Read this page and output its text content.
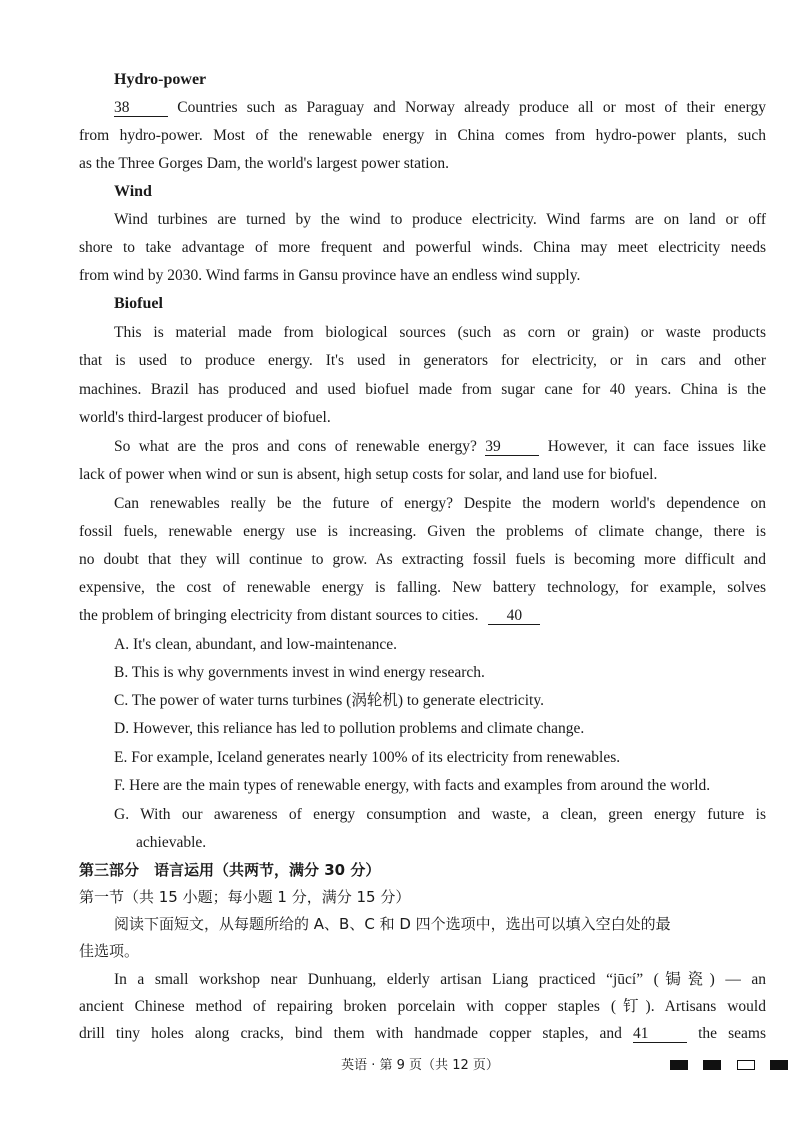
Hydro-power
38	Countries such as Paraguay and Norway already produce all or most of their energy
from hydro-power. Most of the renewable energy in China comes from hydro-power plants, such
as the Three Gorges Dam, the world's largest power station.
Wind
Wind turbines are turned by the wind to produce electricity. Wind farms are on land or off
shore to take advantage of more frequent and powerful winds. China may meet electricity needs
from wind by 2030. Wind farms in Gansu province have an endless wind supply.
Biofuel
This is material made from biological sources (such as corn or grain) or waste products
that is used to produce energy. It's used in generators for electricity, or in cars and other
machines. Brazil has produced and used biofuel made from sugar cane for 40 years. China is the
world's third-largest producer of biofuel.
So what are the pros and cons of renewable energy? 39	However, it can face issues like
lack of power when wind or sun is absent, high setup costs for solar, and land use for biofuel.
Can renewables really be the future of energy? Despite the modern world's dependence on
fossil fuels, renewable energy use is increasing. Given the problems of climate change, there is
no doubt that they will continue to grow. As extracting fossil fuels is becoming more difficult and
expensive, the cost of renewable energy is falling. New battery technology, for example, solves
the problem of bringing electricity from distant sources to cities. 40
A. It's clean, abundant, and low-maintenance.
B. This is why governments invest in wind energy research.
C. The power of water turns turbines (涡轮机) to generate electricity.
D. However, this reliance has led to pollution problems and climate change.
E. For example, Iceland generates nearly 100% of its electricity from renewables.
F. Here are the main types of renewable energy, with facts and examples from around the world.
G. With our awareness of energy consumption and waste, a clean, green energy future is
achievable.
第三部分　语言运用（共两节，满分 30 分）
第一节（共 15 小题；每小题 1 分，满分 15 分）
阅读下面短文，从每题所给的 A、B、C 和 D 四个选项中，选出可以填入空白处的最
佳选项。
In a small workshop near Dunhuang, elderly artisan Liang practiced “jūcí” (锔瓷) — an
ancient Chinese method of repairing broken porcelain with copper staples (钉). Artisans would
drill tiny holes along cracks, bind them with handmade copper staples, and 41	the seams
英语 · 第 9 页（共 12 页）
